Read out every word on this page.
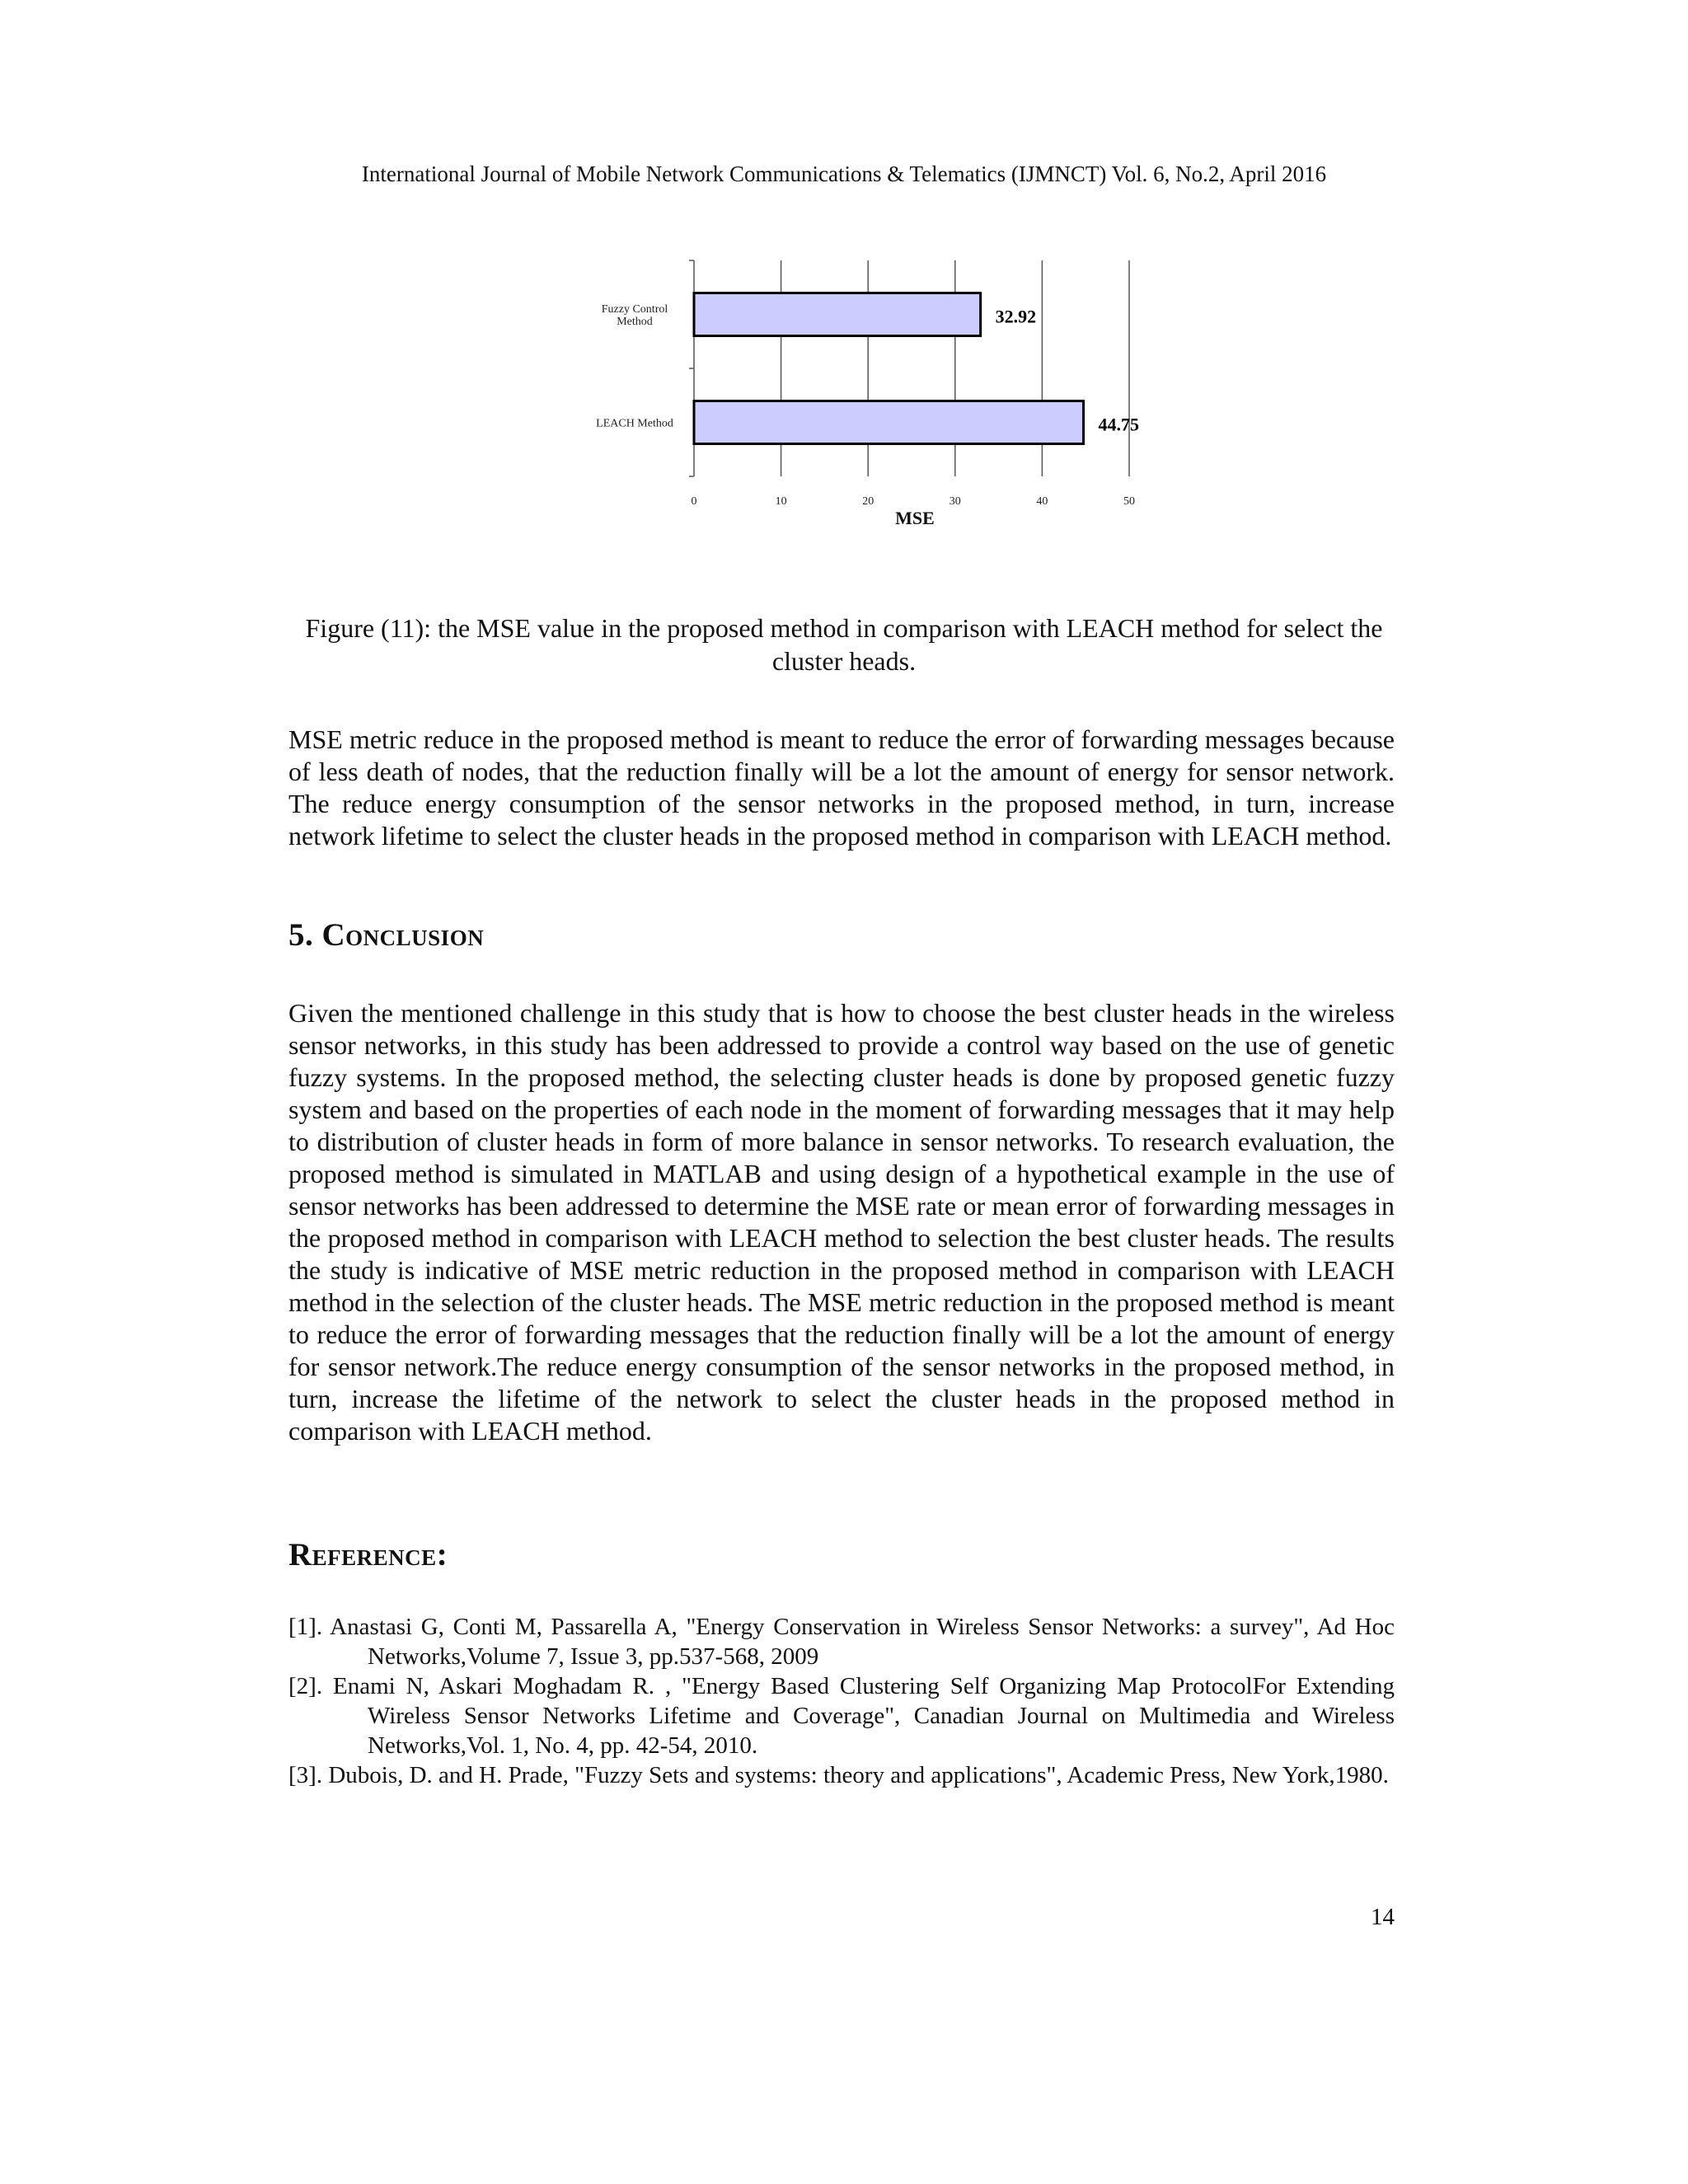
International Journal of Mobile Network Communications & Telematics (IJMNCT) Vol. 6, No.2, April 2016
32.92
Fuzzy Control
Method
44.75
LEACH Method
0	10	20	30	40	50
MSE
Figure (11): the MSE value in the proposed method in comparison with LEACH method for select the cluster heads.
MSE metric reduce in the proposed method is meant to reduce the error of forwarding messages because of less death of nodes, that the reduction finally will be a lot the amount of energy for sensor network. The reduce energy consumption of the sensor networks in the proposed method, in turn, increase network lifetime to select the cluster heads in the proposed method in comparison with LEACH method.
5. Conclusion
Given the mentioned challenge in this study that is how to choose the best cluster heads in the wireless sensor networks, in this study has been addressed to provide a control way based on the use of genetic fuzzy systems. In the proposed method, the selecting cluster heads is done by proposed genetic fuzzy system and based on the properties of each node in the moment of forwarding messages that it may help to distribution of cluster heads in form of more balance in sensor networks. To research evaluation, the proposed method is simulated in MATLAB and using design of a hypothetical example in the use of sensor networks has been addressed to determine the MSE rate or mean error of forwarding messages in the proposed method in comparison with LEACH method to selection the best cluster heads. The results the study is indicative of MSE metric reduction in the proposed method in comparison with LEACH method in the selection of the cluster heads. The MSE metric reduction in the proposed method is meant to reduce the error of forwarding messages that the reduction finally will be a lot the amount of energy for sensor network.The reduce energy consumption of the sensor networks in the proposed method, in turn, increase the lifetime of the network to select the cluster heads in the proposed method in comparison with LEACH method.
Reference:
[1]. Anastasi G, Conti M, Passarella A, "Energy Conservation in Wireless Sensor Networks: a survey", Ad Hoc Networks,Volume 7, Issue 3, pp.537-568, 2009
[2]. Enami N, Askari Moghadam R. , "Energy Based Clustering Self Organizing Map ProtocolFor Extending Wireless Sensor Networks Lifetime and Coverage", Canadian Journal on Multimedia and Wireless Networks,Vol. 1, No. 4, pp. 42-54, 2010.
[3]. Dubois, D. and H. Prade, "Fuzzy Sets and systems: theory and applications", Academic Press, New York,1980.
14
